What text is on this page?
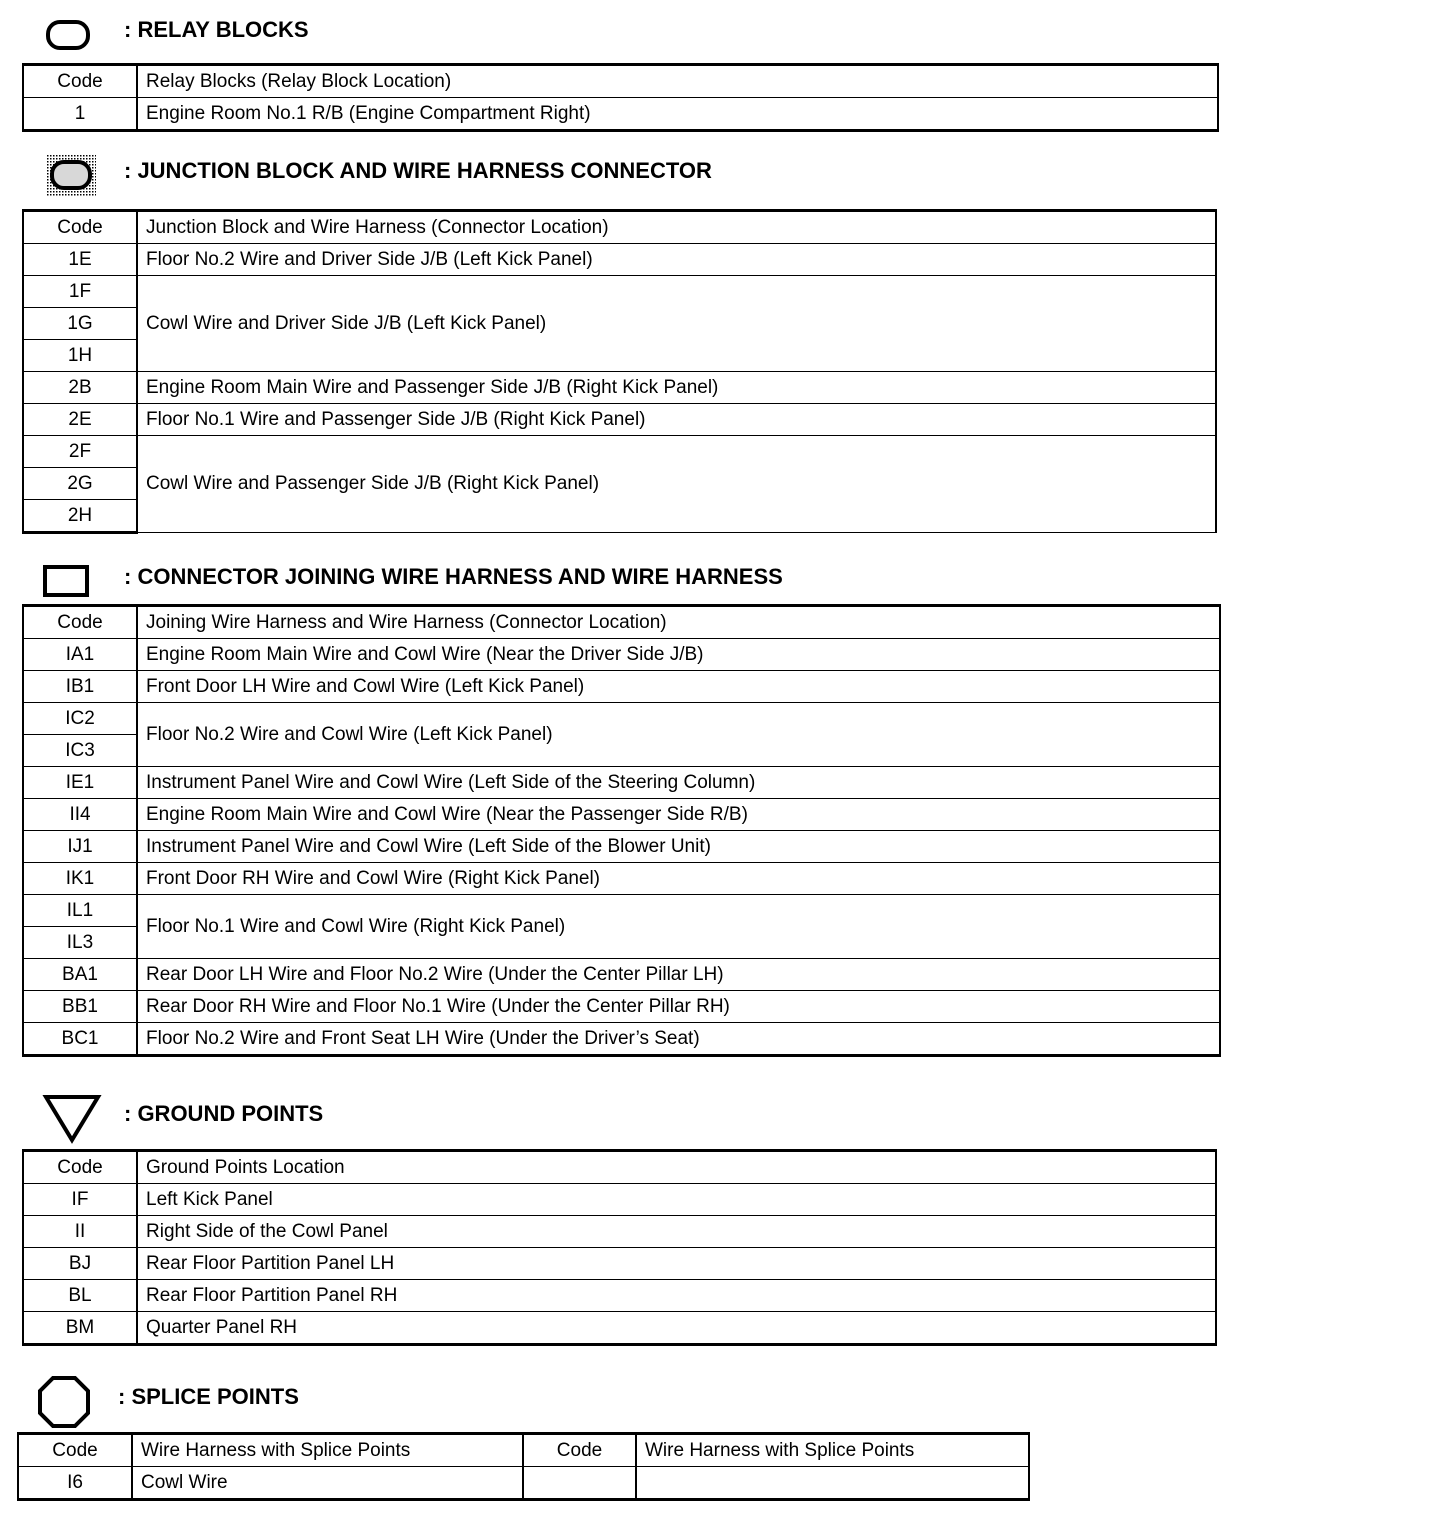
: RELAY BLOCKS
Code	Relay Blocks (Relay Block Location)
1	Engine Room No.1 R/B (Engine Compartment Right)
: JUNCTION BLOCK AND WIRE HARNESS CONNECTOR
Code	Junction Block and Wire Harness (Connector Location)
1E	Floor No.2 Wire and Driver Side J/B (Left Kick Panel)
1F	Cowl Wire and Driver Side J/B (Left Kick Panel)
1G	
1H	
2B	Engine Room Main Wire and Passenger Side J/B (Right Kick Panel)
2E	Floor No.1 Wire and Passenger Side J/B (Right Kick Panel)
2F	Cowl Wire and Passenger Side J/B (Right Kick Panel)
2G	
2H	
: CONNECTOR JOINING WIRE HARNESS AND WIRE HARNESS
Code	Joining Wire Harness and Wire Harness (Connector Location)
IA1	Engine Room Main Wire and Cowl Wire (Near the Driver Side J/B)
IB1	Front Door LH Wire and Cowl Wire (Left Kick Panel)
IC2	Floor No.2 Wire and Cowl Wire (Left Kick Panel)
IC3	
IE1	Instrument Panel Wire and Cowl Wire (Left Side of the Steering Column)
II4	Engine Room Main Wire and Cowl Wire (Near the Passenger Side R/B)
IJ1	Instrument Panel Wire and Cowl Wire (Left Side of the Blower Unit)
IK1	Front Door RH Wire and Cowl Wire (Right Kick Panel)
IL1	Floor No.1 Wire and Cowl Wire (Right Kick Panel)
IL3	
BA1	Rear Door LH Wire and Floor No.2 Wire (Under the Center Pillar LH)
BB1	Rear Door RH Wire and Floor No.1 Wire (Under the Center Pillar RH)
BC1	Floor No.2 Wire and Front Seat LH Wire (Under the Driver’s Seat)
: GROUND POINTS
Code	Ground Points Location
IF	Left Kick Panel
II	Right Side of the Cowl Panel
BJ	Rear Floor Partition Panel LH
BL	Rear Floor Partition Panel RH
BM	Quarter Panel RH
: SPLICE POINTS
Code	Wire Harness with Splice Points	Code	Wire Harness with Splice Points
I6	Cowl Wire		
